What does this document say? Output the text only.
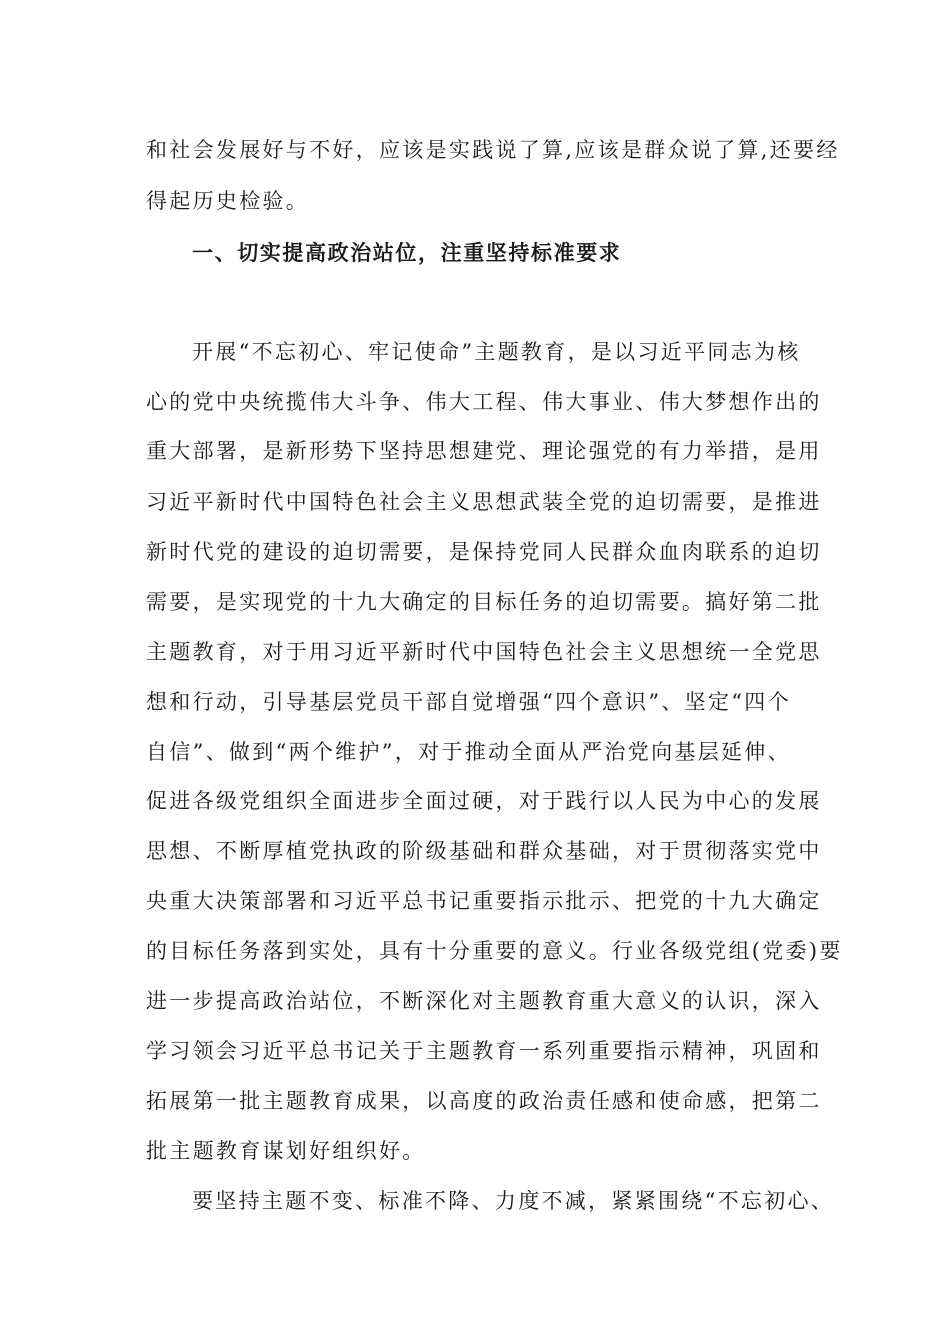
和社会发展好与不好，应该是实践说了算,应该是群众说了算,还要经
得起历史检验。
一、切实提高政治站位，注重坚持标准要求
开展“不忘初心、牢记使命”主题教育，是以习近平同志为核
心的党中央统揽伟大斗争、伟大工程、伟大事业、伟大梦想作出的
重大部署，是新形势下坚持思想建党、理论强党的有力举措，是用
习近平新时代中国特色社会主义思想武装全党的迫切需要，是推进
新时代党的建设的迫切需要，是保持党同人民群众血肉联系的迫切
需要，是实现党的十九大确定的目标任务的迫切需要。搞好第二批
主题教育，对于用习近平新时代中国特色社会主义思想统一全党思
想和行动，引导基层党员干部自觉增强“四个意识”、坚定“四个
自信”、做到“两个维护”，对于推动全面从严治党向基层延伸、
促进各级党组织全面进步全面过硬，对于践行以人民为中心的发展
思想、不断厚植党执政的阶级基础和群众基础，对于贯彻落实党中
央重大决策部署和习近平总书记重要指示批示、把党的十九大确定
的目标任务落到实处，具有十分重要的意义。行业各级党组(党委)要
进一步提高政治站位，不断深化对主题教育重大意义的认识，深入
学习领会习近平总书记关于主题教育一系列重要指示精神，巩固和
拓展第一批主题教育成果，以高度的政治责任感和使命感，把第二
批主题教育谋划好组织好。
要坚持主题不变、标准不降、力度不减，紧紧围绕“不忘初心、
